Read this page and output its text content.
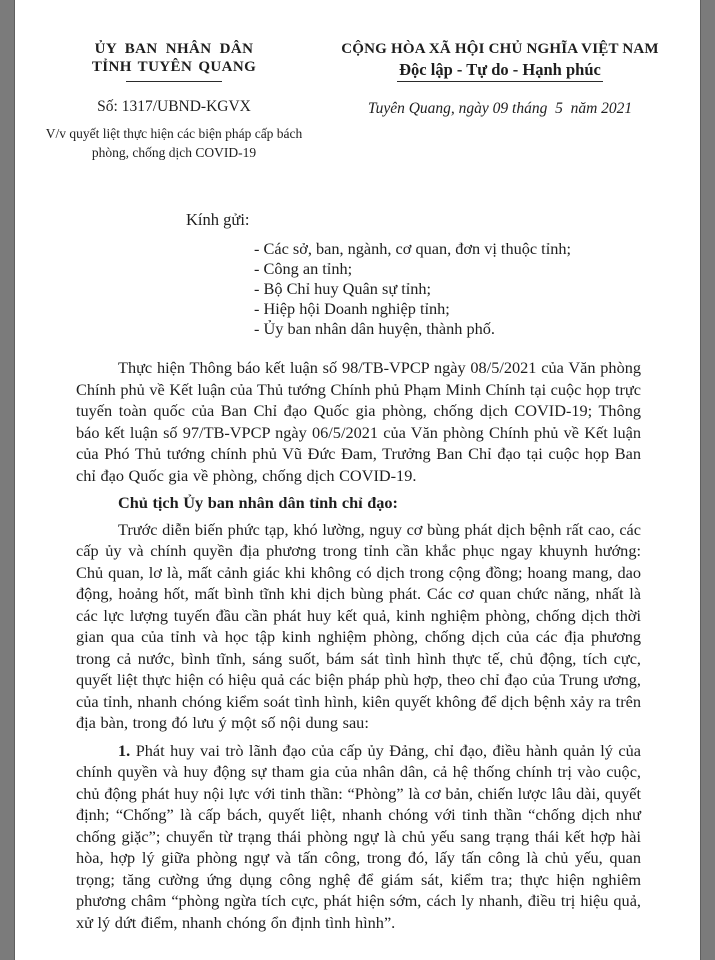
ỦY BAN NHÂN DÂN
TỈNH TUYÊN QUANG
Số: 1317/UBND-KGVX
V/v quyết liệt thực hiện các biện pháp cấp bách phòng, chống dịch COVID-19
CỘNG HÒA XÃ HỘI CHỦ NGHĨA VIỆT NAM
Độc lập - Tự do - Hạnh phúc
Tuyên Quang, ngày 09 tháng  5  năm 2021
Kính gửi:
- Các sở, ban, ngành, cơ quan, đơn vị thuộc tỉnh;
- Công an tỉnh;
- Bộ Chỉ huy Quân sự tỉnh;
- Hiệp hội Doanh nghiệp tỉnh;
- Ủy ban nhân dân huyện, thành phố.

Thực hiện Thông báo kết luận số 98/TB-VPCP ngày 08/5/2021 của Văn phòng Chính phủ về Kết luận của Thủ tướng Chính phủ Phạm Minh Chính tại cuộc họp trực tuyến toàn quốc của Ban Chỉ đạo Quốc gia phòng, chống dịch COVID-19; Thông báo kết luận số 97/TB-VPCP ngày 06/5/2021 của Văn phòng Chính phủ về Kết luận của Phó Thủ tướng chính phủ Vũ Đức Đam, Trưởng Ban Chỉ đạo tại cuộc họp Ban chỉ đạo Quốc gia về phòng, chống dịch COVID-19.

Chủ tịch Ủy ban nhân dân tỉnh chỉ đạo:

Trước diễn biến phức tạp, khó lường, nguy cơ bùng phát dịch bệnh rất cao, các cấp ủy và chính quyền địa phương trong tỉnh cần khắc phục ngay khuynh hướng: Chủ quan, lơ là, mất cảnh giác khi không có dịch trong cộng đồng; hoang mang, dao động, hoảng hốt, mất bình tĩnh khi dịch bùng phát. Các cơ quan chức năng, nhất là các lực lượng tuyến đầu cần phát huy kết quả, kinh nghiệm phòng, chống dịch thời gian qua của tỉnh và học tập kinh nghiệm phòng, chống dịch của các địa phương trong cả nước, bình tĩnh, sáng suốt, bám sát tình hình thực tế, chủ động, tích cực, quyết liệt thực hiện có hiệu quả các biện pháp phù hợp, theo chỉ đạo của Trung ương, của tỉnh, nhanh chóng kiểm soát tình hình, kiên quyết không để dịch bệnh xảy ra trên địa bàn, trong đó lưu ý một số nội dung sau:

1. Phát huy vai trò lãnh đạo của cấp ủy Đảng, chỉ đạo, điều hành quản lý của chính quyền và huy động sự tham gia của nhân dân, cả hệ thống chính trị vào cuộc, chủ động phát huy nội lực với tinh thần: “Phòng” là cơ bản, chiến lược lâu dài, quyết định; “Chống” là cấp bách, quyết liệt, nhanh chóng với tinh thần “chống dịch như chống giặc”; chuyển từ trạng thái phòng ngự là chủ yếu sang trạng thái kết hợp hài hòa, hợp lý giữa phòng ngự và tấn công, trong đó, lấy tấn công là chủ yếu, quan trọng; tăng cường ứng dụng công nghệ để giám sát, kiểm tra; thực hiện nghiêm phương châm “phòng ngừa tích cực, phát hiện sớm, cách ly nhanh, điều trị hiệu quả, xử lý dứt điểm, nhanh chóng ổn định tình hình”.
